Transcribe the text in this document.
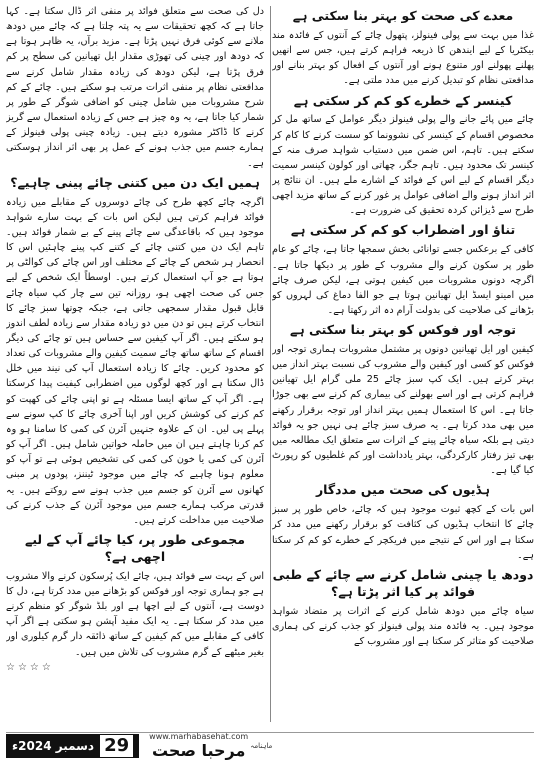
معدے کی صحت کو بہتر بنا سکتی ہے

غذا میں بہت سے پولی فینولز، پتھول چائے کے آنتوں کے فائدہ مند بیکٹریا کے لیے ایندھن کا ذریعہ فراہم کرتے ہیں، جس سے انھیں پھلنے پھولنے اور متنوع ہونے اور آنتوں کے افعال کو بہتر بنانے اور مدافعتی نظام کو تبدیل کرنے میں مدد ملتی ہے۔

کینسر کے خطرے کو کم کر سکتی ہے

چائے میں پائے جانے والے پولی فینولز دیگر عوامل کے ساتھ مل کر مخصوص اقسام کے کینسر کی نشوونما کو سست کرنے کا کام کر سکتے ہیں۔ تاہم، اس ضمن میں دستیاب شواہد صرف منہ کے کینسر تک محدود ہیں۔ تاہم جگر، چھاتی اور کولون کینسر سمیت دیگر اقسام کے لیے اس کے فوائد کے اشارے ملے ہیں۔ ان نتائج پر اثر انداز ہونے والے اضافی عوامل پر غور کرنے کے ساتھ مزید اچھی طرح سے ڈیزائن کردہ تحقیق کی ضرورت ہے۔

تناؤ اور اضطراب کو کم کر سکتی ہے

کافی کے برعکس جسے توانائی بخش سمجھا جاتا ہے، چائے کو عام طور پر سکون کرنے والے مشروب کے طور پر دیکھا جاتا ہے۔ اگرچہ دونوں مشروبات میں کیفین ہوتی ہے، لیکن صرف چائے میں امینو ایسڈ ایل تھیانین ہوتا ہے جو الفا دماغ کی لہروں کو بڑھانے کی صلاحیت کی بدولت آرام دہ اثر رکھتا ہے۔

توجہ اور فوکس کو بہتر بنا سکتی ہے

کیفین اور ایل تھیانین دونوں پر مشتمل مشروبات ہماری توجہ اور فوکس کو کسی اور کیفین والے مشروب کی نسبت بہتر انداز میں بہتر کرتے ہیں۔ ایک کپ سبز چائے 25 ملی گرام ایل تھیانین فراہم کرتی ہے اور اسے بھولنے کی بیماری کم کرنے سے بھی جوڑا جاتا ہے۔ اس کا استعمال ہمیں بہتر انداز اور توجہ برقرار رکھنے میں بھی مدد کرتا ہے۔ یہ صرف سبز چائے ہی نہیں جو یہ فوائد دیتی ہے بلکہ سیاہ چائے پینے کے اثرات سے متعلق ایک مطالعہ میں بھی تیز رفتار کارکردگی، بہتر یادداشت اور کم غلطیوں کو رپورٹ کیا گیا ہے۔

ہڈیوں کی صحت میں مددگار

اس بات کے کچھ ثبوت موجود ہیں کہ چائے، خاص طور پر سبز چائے کا انتخاب ہڈیوں کی کثافت کو برقرار رکھنے میں مدد کر سکتا ہے اور اس کے نتیجے میں فریکچر کے خطرے کو کم کر سکتا ہے۔

دودھ یا چینی شامل کرنے سے چائے کے طبی فوائد پر کیا اثر پڑتا ہے؟

سیاہ چائے میں دودھ شامل کرنے کے اثرات پر متضاد شواہد موجود ہیں۔ یہ فائدہ مند پولی فینولز کو جذب کرنے کی ہماری صلاحیت کو متاثر کر سکتا ہے اور مشروب کے

دل کی صحت سے متعلق فوائد پر منفی اثر ڈال سکتا ہے۔ کہا جاتا ہے کہ کچھ تحقیقات سے یہ پتہ چلتا ہے کہ چائے میں دودھ ملانے سے کوئی فرق نہیں پڑتا ہے۔ مزید برآں، یہ ظاہر ہوتا ہے کہ دودھ اور چینی کی تھوڑی مقدار ایل تھیانین کی سطح پر کم فرق پڑتا ہے، لیکن دودھ کی زیادہ مقدار شامل کرنے سے مدافعتی نظام پر منفی اثرات مرتب ہو سکتے ہیں۔ چائے کے کم شرح مشروبات میں شامل چینی کو اضافی شوگر کے طور پر شمار کیا جاتا ہے، یہ وہ چیز ہے جس کے زیادہ استعمال سے گریز کرنے کا ڈاکٹر مشورہ دیتے ہیں۔ زیادہ چینی پولی فینولز کے ہمارے جسم میں جذب ہونے کے عمل پر بھی اثر انداز ہوسکتی ہے۔

ہمیں ایک دن میں کتنی چائے پینی چاہیے؟

اگرچہ چائے کچھ طرح کی چائے دوسروں کے مقابلے میں زیادہ فوائد فراہم کرتی ہیں لیکن اس بات کے بہت سارے شواہد موجود ہیں کہ باقاعدگی سے چائے پینے کے بے شمار فوائد ہیں۔ تاہم ایک دن میں کتنی چائے کے کتنے کپ پینے چاہئیں اس کا انحصار ہر شخص کے چائے کے مختلف اور اس چائے کی کوالٹی پر ہوتا ہے جو آپ استعمال کرتے ہیں۔ اوسطاً ایک شخص کے لیے جس کی صحت اچھی ہو، روزانہ تین سے چار کپ سیاہ چائے قابل قبول مقدار سمجھی جاتی ہے، جبکہ چوتھا سبز چائے کا انتخاب کرتے ہیں تو دن میں دو زیادہ مقدار سے زیادہ لطف اندوز ہو سکتے ہیں۔ اگر آپ کیفین سے حساس ہیں تو چائے کی دیگر اقسام کے ساتھ ساتھ چائے سمیت کیفین والے مشروبات کی تعداد کو محدود کریں۔ چائے کا زیادہ استعمال آپ کی نیند میں خلل ڈال سکتا ہے اور کچھ لوگوں میں اضطرابی کیفیت پیدا کرسکتا ہے۔ اگر آپ کے ساتھ ایسا مسئلہ ہے تو اپنی چائے کی کھپت کو کم کرنے کی کوشش کریں اور اپنا آخری چائے کا کپ سونے سے پہلے پی لیں۔ ان کے علاوہ جنہیں آئرن کی کمی کا سامنا ہو وہ کم کرنا چاہتے ہیں ان میں حاملہ خواتین شامل ہیں۔ اگر آپ کو آئرن کی کمی یا خون کی کمی کی تشخیص ہوئی ہے تو آپ کو معلوم ہونا چاہیے کہ چائے میں موجود ٹیننز، پودوں پر مبنی کھانوں سے آئرن کو جسم میں جذب ہونے سے روکتے ہیں۔ یہ قدرتی مرکب ہمارے جسم میں موجود آئرن کے جذب کرنے کی صلاحیت میں مداخلت کرتے ہیں۔

مجموعی طور پر، کیا چائے آپ کے لیے اچھی ہے؟

اس کے بہت سے فوائد ہیں، چائے ایک پُرسکون کرنے والا مشروب ہے جو ہماری توجہ اور فوکس کو بڑھانے میں مدد کرتا ہے، دل کا دوست ہے، آنتوں کے لیے اچھا ہے اور بلڈ شوگر کو منظم کرنے میں مدد کر سکتا ہے۔ یہ ایک مفید آپشن ہو سکتی ہے اگر آپ کافی کے مقابلے میں کم کیفین کے ساتھ ذائقہ دار گرم کیلوری اور بغیر میٹھے کے گرم مشروب کی تلاش میں ہیں۔

☆☆☆☆
29
دسمبر 2024ء
www.marhabasehat.com
مرحبا صحت ماہنامہ
